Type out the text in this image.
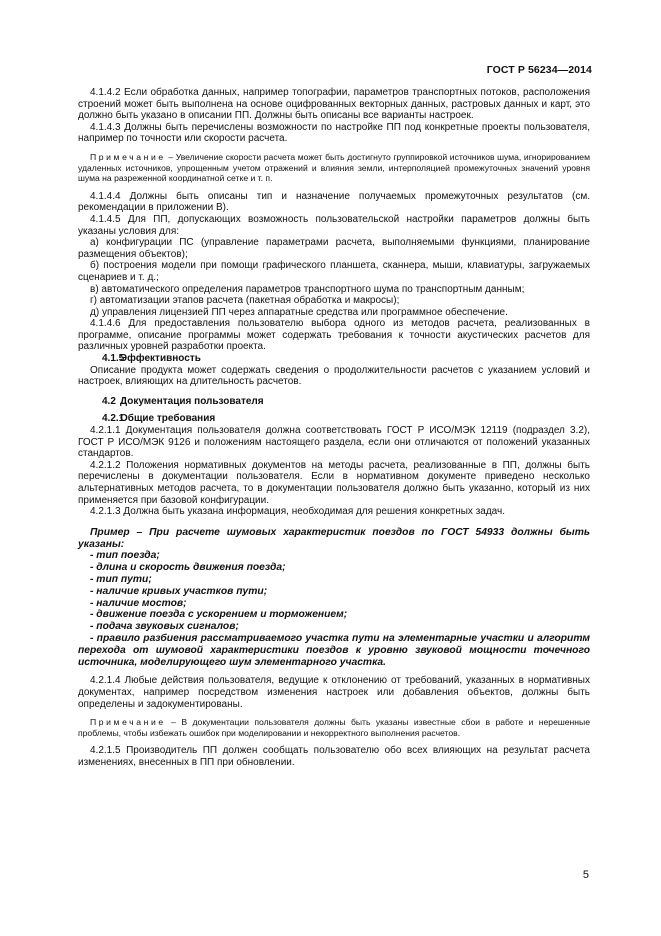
ГОСТ Р 56234—2014

4.1.4.2 Если обработка данных, например топографии, параметров транспортных потоков, расположения строений может быть выполнена на основе оцифрованных векторных данных, растровых данных и карт, это должно быть указано в описании ПП. Должны быть описаны все варианты настроек.

4.1.4.3 Должны быть перечислены возможности по настройке ПП под конкретные проекты пользователя, например по точности или скорости расчета.

Примечание – Увеличение скорости расчета может быть достигнуто группировкой источников шума, игнорированием удаленных источников, упрощенным учетом отражений и влияния земли, интерполяцией промежуточных значений уровня шума на разреженной координатной сетке и т. п.

4.1.4.4 Должны быть описаны тип и назначение получаемых промежуточных результатов (см. рекомендации в приложении В).

4.1.4.5 Для ПП, допускающих возможность пользовательской настройки параметров должны быть указаны условия для:

а) конфигурации ПС (управление параметрами расчета, выполняемыми функциями, планирование размещения объектов);

б) построения модели при помощи графического планшета, сканнера, мыши, клавиатуры, загружаемых сценариев и т. д.;

в) автоматического определения параметров транспортного шума по транспортным данным;

г) автоматизации этапов расчета (пакетная обработка и макросы);

д) управления лицензией ПП через аппаратные средства или программное обеспечение.

4.1.4.6 Для предоставления пользователю выбора одного из методов расчета, реализованных в программе, описание программы может содержать требования к точности акустических расчетов для различных уровней разработки проекта.

4.1.5Эффективность

Описание продукта может содержать сведения о продолжительности расчетов с указанием условий и настроек, влияющих на длительность расчетов.

4.2 Документация пользователя

4.2.1Общие требования

4.2.1.1 Документация пользователя должна соответствовать ГОСТ Р ИСО/МЭК 12119 (подраздел 3.2), ГОСТ Р ИСО/МЭК 9126 и положениям настоящего раздела, если они отличаются от положений указанных стандартов.

4.2.1.2 Положения нормативных документов на методы расчета, реализованные в ПП, должны быть перечислены в документации пользователя. Если в нормативном документе приведено несколько альтернативных методов расчета, то в документации пользователя должно быть указанно, который из них применяется при базовой конфигурации.

4.2.1.3 Должна быть указана информация, необходимая для решения конкретных задач.

Пример – При расчете шумовых характеристик поездов по ГОСТ 54933 должны быть указаны:

- тип поезда;

- длина и скорость движения поезда;

- тип пути;

- наличие кривых участков пути;

- наличие мостов;

- движение поезда с ускорением и торможением;

- подача звуковых сигналов;

- правило разбиения рассматриваемого участка пути на элементарные участки и алгоритм перехода от шумовой характеристики поездов к уровню звуковой мощности точечного источника, моделирующего шум элементарного участка.

4.2.1.4 Любые действия пользователя, ведущие к отклонению от требований, указанных в нормативных документах, например посредством изменения настроек или добавления объектов, должны быть определены и задокументированы.

Примечание – В документации пользователя должны быть указаны известные сбои в работе и нерешенные проблемы, чтобы избежать ошибок при моделировании и некорректного выполнения расчетов.

4.2.1.5 Производитель ПП должен сообщать пользователю обо всех влияющих на результат расчета изменениях, внесенных в ПП при обновлении.

5
